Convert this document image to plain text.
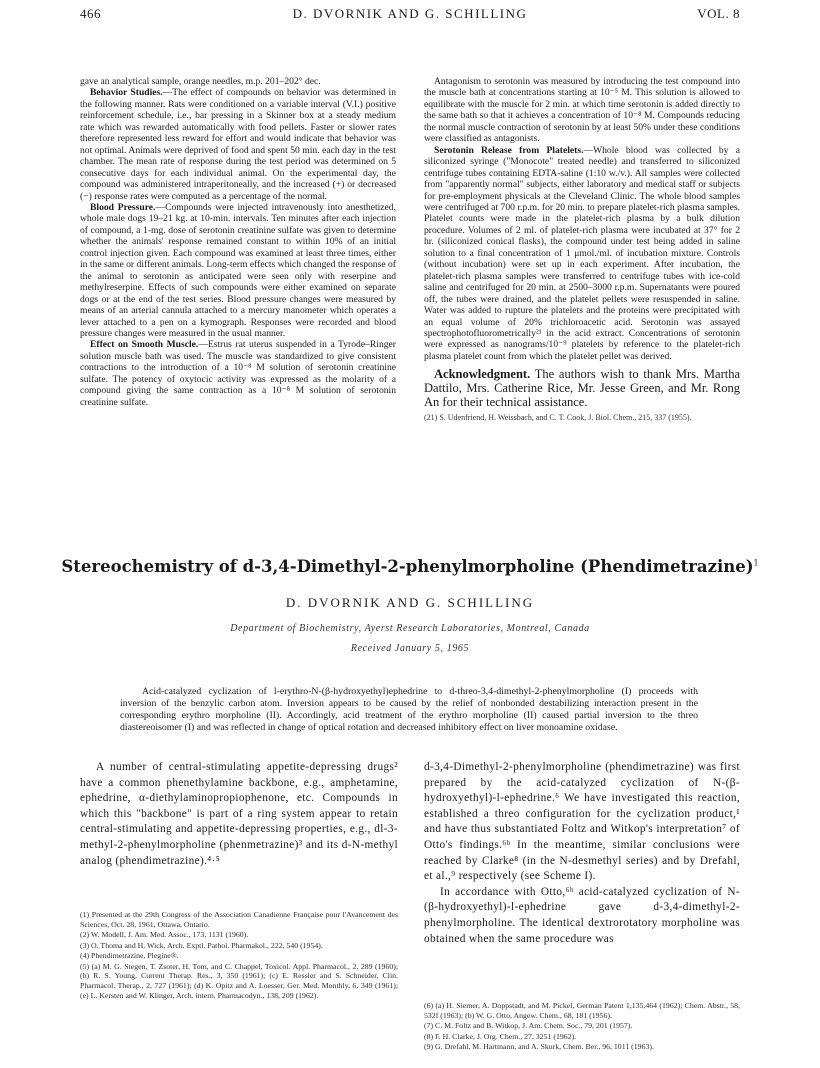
466	D. DVORNIK AND G. SCHILLING	VOL. 8

gave an analytical sample, orange needles, m.p. 201–202° dec.

Behavior Studies.—The effect of compounds on behavior was determined in the following manner. Rats were conditioned on a variable interval (V.I.) positive reinforcement schedule, i.e., bar pressing in a Skinner box at a steady medium rate which was rewarded automatically with food pellets. Faster or slower rates therefore represented less reward for effort and would indicate that behavior was not optimal. Animals were deprived of food and spent 50 min. each day in the test chamber. The mean rate of response during the test period was determined on 5 consecutive days for each individual animal. On the experimental day, the compound was administered intraperitoneally, and the increased (+) or decreased (−) response rates were computed as a percentage of the normal.

Blood Pressure.—Compounds were injected intravenously into anesthetized, whole male dogs 19–21 kg. at 10-min. intervals. Ten minutes after each injection of compound, a 1-mg. dose of serotonin creatinine sulfate was given to determine whether the animals' response remained constant to within 10% of an initial control injection given. Each compound was examined at least three times, either in the same or different animals. Long-term effects which changed the response of the animal to serotonin as anticipated were seen only with reserpine and methylreserpine. Effects of such compounds were either examined on separate dogs or at the end of the test series. Blood pressure changes were measured by means of an arterial cannula attached to a mercury manometer which operates a lever attached to a pen on a kymograph. Responses were recorded and blood pressure changes were measured in the usual manner.

Effect on Smooth Muscle.—Estrus rat uterus suspended in a Tyrode–Ringer solution muscle bath was used. The muscle was standardized to give consistent contractions to the introduction of a 10⁻⁸ M solution of serotonin creatinine sulfate. The potency of oxytocic activity was expressed as the molarity of a compound giving the same contraction as a 10⁻⁸ M solution of serotonin creatinine sulfate.

Antagonism to serotonin was measured by introducing the test compound into the muscle bath at concentrations starting at 10⁻⁵ M. This solution is allowed to equilibrate with the muscle for 2 min. at which time serotonin is added directly to the same bath so that it achieves a concentration of 10⁻⁸ M. Compounds reducing the normal muscle contraction of serotonin by at least 50% under these conditions were classified as antagonists.

Serotonin Release from Platelets.—Whole blood was collected by a siliconized syringe ("Monocote" treated needle) and transferred to siliconized centrifuge tubes containing EDTA-saline (1:10 w./v.). All samples were collected from "apparently normal" subjects, either laboratory and medical staff or subjects for pre-employment physicals at the Cleveland Clinic. The whole blood samples were centrifuged at 700 r.p.m. for 20 min. to prepare platelet-rich plasma samples. Platelet counts were made in the platelet-rich plasma by a bulk dilution procedure. Volumes of 2 ml. of platelet-rich plasma were incubated at 37° for 2 hr. (siliconized conical flasks), the compound under test being added in saline solution to a final concentration of 1 μmol./ml. of incubation mixture. Controls (without incubation) were set up in each experiment. After incubation, the platelet-rich plasma samples were transferred to centrifuge tubes with ice-cold saline and centrifuged for 20 min. at 2500–3000 r.p.m. Supernatants were poured off, the tubes were drained, and the platelet pellets were resuspended in saline. Water was added to rupture the platelets and the proteins were precipitated with an equal volume of 20% trichloroacetic acid. Serotonin was assayed spectrophotofluorometrically²¹ in the acid extract. Concentrations of serotonin were expressed as nanograms/10⁻⁹ platelets by reference to the platelet-rich plasma platelet count from which the platelet pellet was derived.

Acknowledgment. The authors wish to thank Mrs. Martha Dattilo, Mrs. Catherine Rice, Mr. Jesse Green, and Mr. Rong An for their technical assistance.

(21) S. Udenfriend, H. Weissbach, and C. T. Cook, J. Biol. Chem., 215, 337 (1955).
Stereochemistry of d-3,4-Dimethyl-2-phenylmorpholine (Phendimetrazine)$^1$
D. DVORNIK AND G. SCHILLING
Department of Biochemistry, Ayerst Research Laboratories, Montreal, Canada
Received January 5, 1965
Acid-catalyzed cyclization of l-erythro-N-(β-hydroxyethyl)ephedrine to d-threo-3,4-dimethyl-2-phenylmorpholine (I) proceeds with inversion of the benzylic carbon atom. Inversion appears to be caused by the relief of nonbonded destabilizing interaction present in the corresponding erythro morpholine (II). Accordingly, acid treatment of the erythro morpholine (II) caused partial inversion to the threo diastereoisomer (I) and was reflected in change of optical rotation and decreased inhibitory effect on liver monoamine oxidase.

A number of central-stimulating appetite-depressing drugs² have a common phenethylamine backbone, e.g., amphetamine, ephedrine, α-diethylaminopropiophenone, etc. Compounds in which this "backbone" is part of a ring system appear to retain central-stimulating and appetite-depressing properties, e.g., dl-3-methyl-2-phenylmorpholine (phenmetrazine)³ and its d-N-methyl analog (phendimetrazine).⁴·⁵

(1) Presented at the 29th Congress of the Association Canadienne Française pour l'Avancement des Sciences, Oct. 28, 1961, Ottawa, Ontario.
(2) W. Modell, J. Am. Med. Assoc., 173, 1131 (1960).
(3) O. Thoma and H. Wick, Arch. Exptl. Pathol. Pharmakol., 222, 540 (1954).
(4) Phendimetrazine, Plegine®.
(5) (a) M. G. Stegen, T. Zsoter, H. Tom, and C. Chappel, Toxicol. Appl. Pharmacol., 2, 289 (1960); (b) R. S. Young, Current Therap. Res., 3, 350 (1961); (c) E. Ressler and S. Schneider, Clin. Pharmacol. Therap., 2, 727 (1961); (d) K. Opitz and A. Loesser, Ger. Med. Monthly, 6, 349 (1961); (e) L. Kersten and W. Klinger, Arch. intern. Pharmacodyn., 138, 209 (1962).

d-3,4-Dimethyl-2-phenylmorpholine (phendimetrazine) was first prepared by the acid-catalyzed cyclization of N-(β-hydroxyethyl)-l-ephedrine.⁶ We have investigated this reaction, established a threo configuration for the cyclization product,¹ and have thus substantiated Foltz and Witkop's interpretation⁷ of Otto's findings.⁶ᵇ In the meantime, similar conclusions were reached by Clarke⁸ (in the N-desmethyl series) and by Drefahl, et al.,⁹ respectively (see Scheme I).

In accordance with Otto,⁶ᵇ acid-catalyzed cyclization of N-(β-hydroxyethyl)-l-ephedrine gave d-3,4-dimethyl-2-phenylmorpholine. The identical dextrorotatory morpholine was obtained when the same procedure was

(6) (a) H. Siemer, A. Doppstadt, and M. Pickel, German Patent 1,135,464 (1962); Chem. Abstr., 58, 532f (1963); (b) W. G. Otto, Angew. Chem., 68, 181 (1956).
(7) C. M. Foltz and B. Witkop, J. Am. Chem. Soc., 79, 201 (1957).
(8) F. H. Clarke, J. Org. Chem., 27, 3251 (1962).
(9) G. Drefahl, M. Hartmann, and A. Skurk, Chem. Ber., 96, 1011 (1963).
